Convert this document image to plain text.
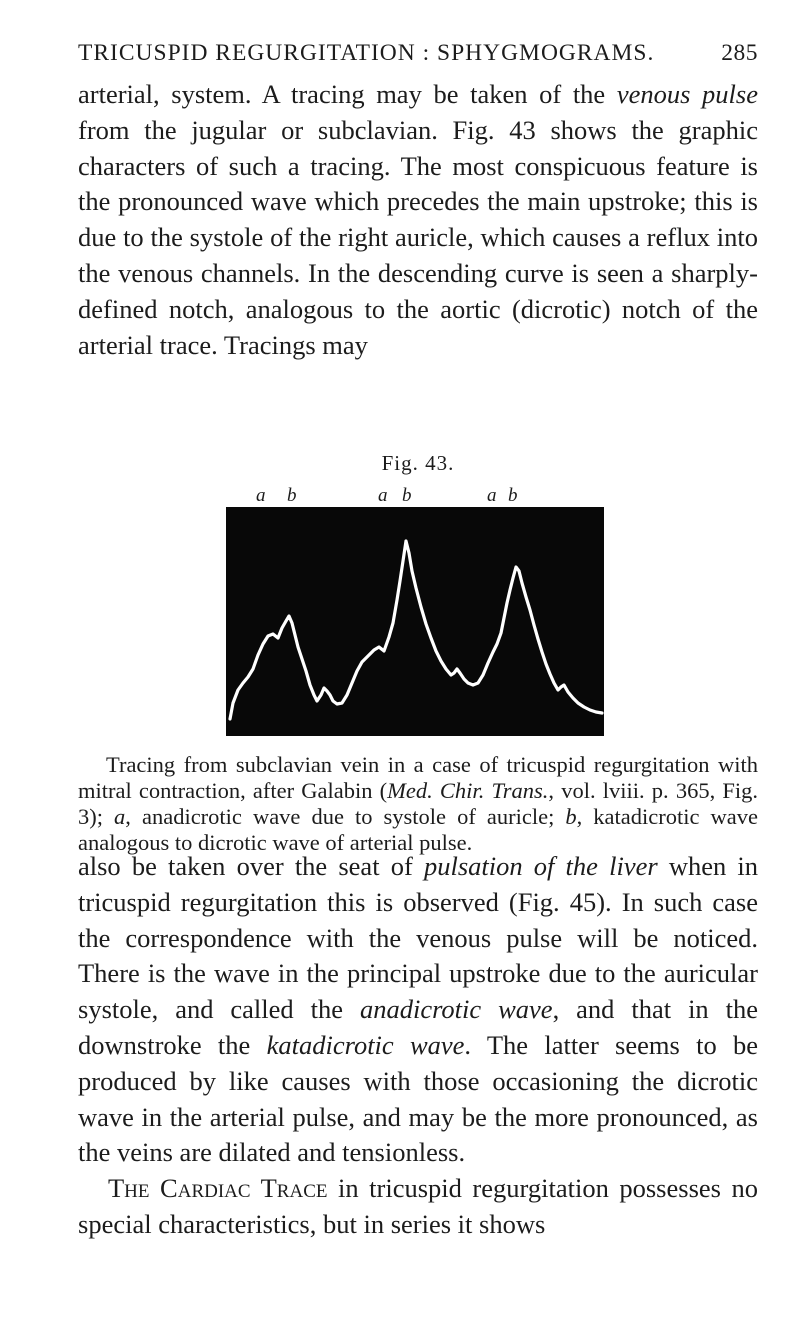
TRICUSPID REGURGITATION : SPHYGMOGRAMS.	285

arterial, system. A tracing may be taken of the venous pulse from the jugular or subclavian. Fig. 43 shows the graphic characters of such a tracing. The most conspicuous feature is the pronounced wave which precedes the main upstroke; this is due to the systole of the right auricle, which causes a reflux into the venous channels. In the descending curve is seen a sharply-defined notch, analogous to the aortic (dicrotic) notch of the arterial trace. Tracings may

Fig. 43.
a b	a b	a b

Tracing from subclavian vein in a case of tricuspid regurgitation with mitral contraction, after Galabin (Med. Chir. Trans., vol. lviii. p. 365, Fig. 3); a, anadicrotic wave due to systole of auricle; b, katadicrotic wave analogous to dicrotic wave of arterial pulse.

also be taken over the seat of pulsation of the liver when in tricuspid regurgitation this is observed (Fig. 45). In such case the correspondence with the venous pulse will be noticed. There is the wave in the principal upstroke due to the auricular systole, and called the anadicrotic wave, and that in the downstroke the katadicrotic wave. The latter seems to be produced by like causes with those occasioning the dicrotic wave in the arterial pulse, and may be the more pronounced, as the veins are dilated and tensionless.

The Cardiac Trace in tricuspid regurgitation possesses no special characteristics, but in series it shows
